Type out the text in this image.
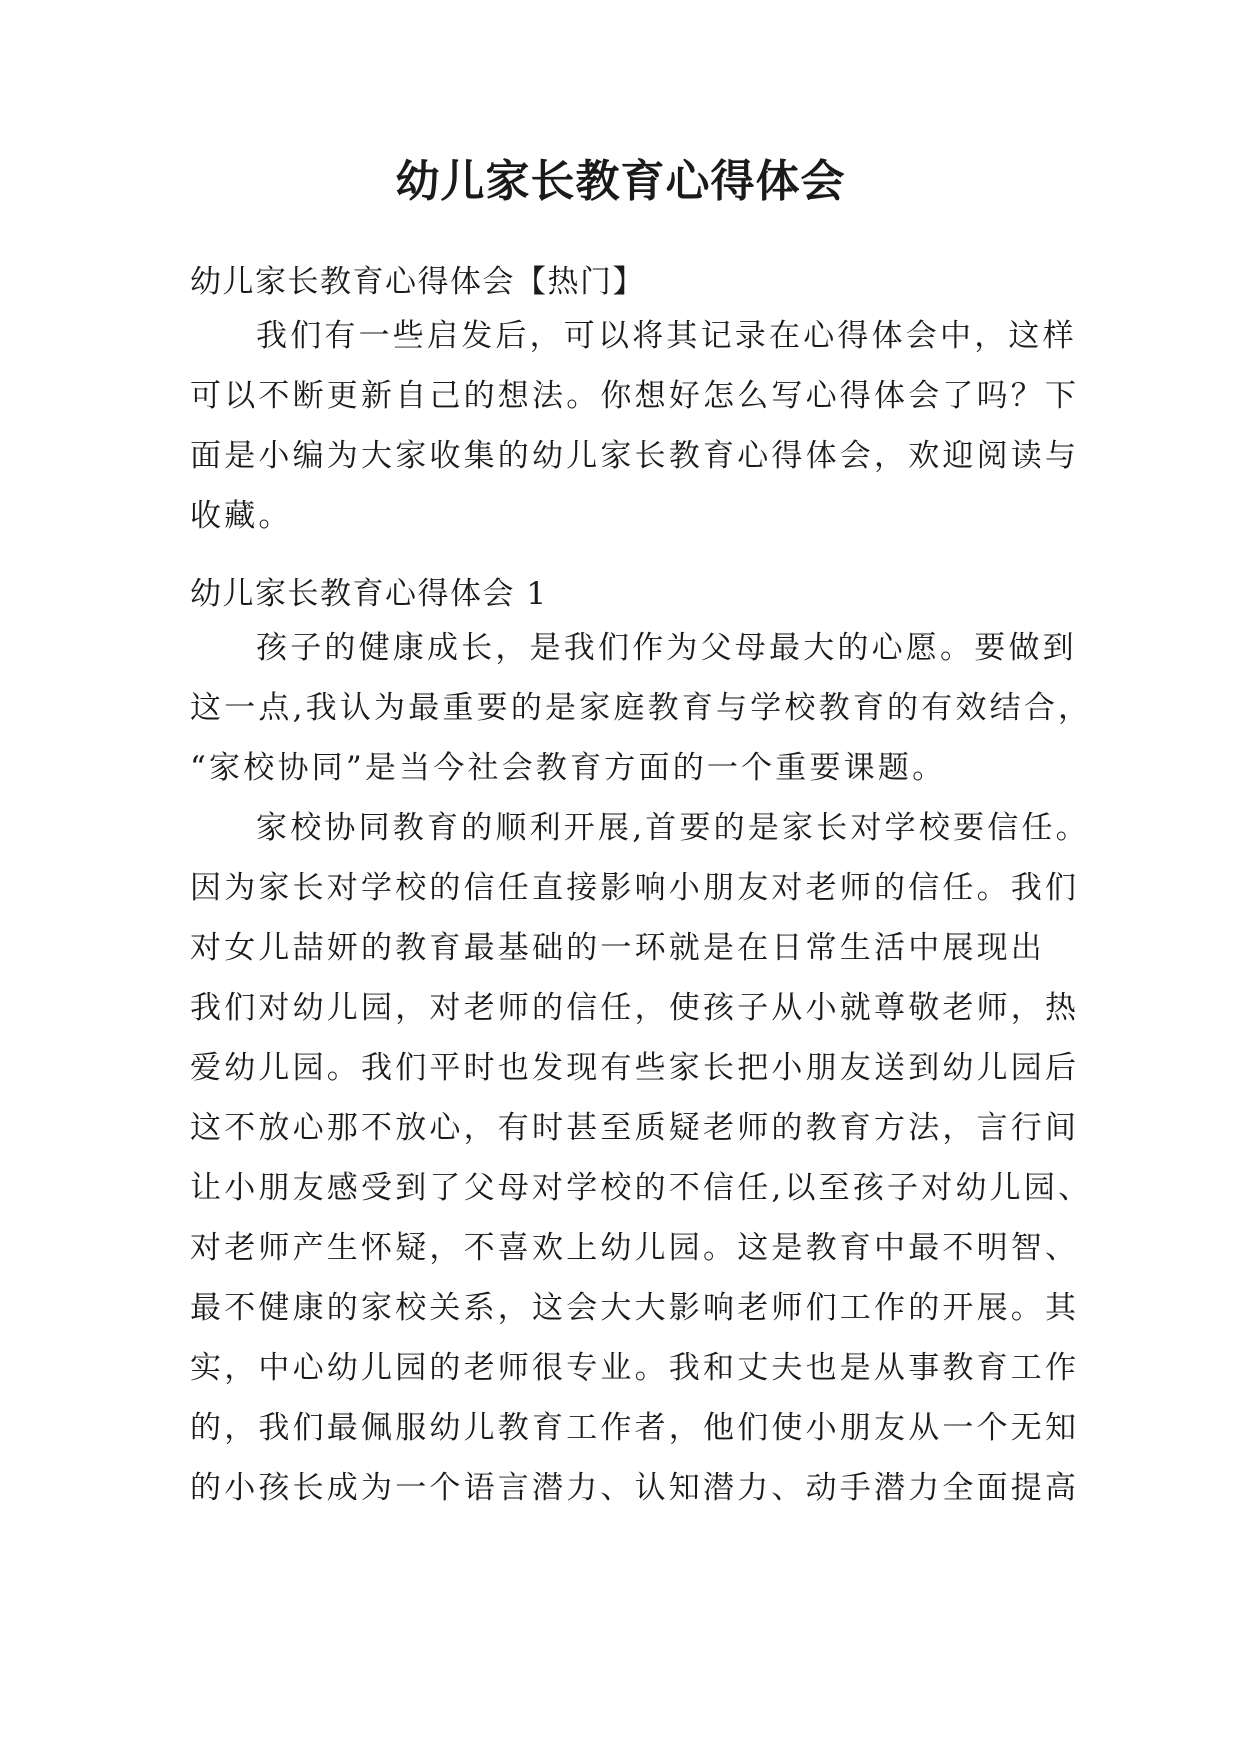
幼儿家长教育心得体会

幼儿家长教育心得体会【热门】

我们有一些启发后，可以将其记录在心得体会中，这样
可以不断更新自己的想法。你想好怎么写心得体会了吗？下
面是小编为大家收集的幼儿家长教育心得体会，欢迎阅读与
收藏。

幼儿家长教育心得体会 1

孩子的健康成长，是我们作为父母最大的心愿。要做到
这一点,我认为最重要的是家庭教育与学校教育的有效结合，
“家校协同”是当今社会教育方面的一个重要课题。
家校协同教育的顺利开展,首要的是家长对学校要信任。
因为家长对学校的信任直接影响小朋友对老师的信任。我们
对女儿喆妍的教育最基础的一环就是在日常生活中展现出
我们对幼儿园，对老师的信任，使孩子从小就尊敬老师，热
爱幼儿园。我们平时也发现有些家长把小朋友送到幼儿园后
这不放心那不放心，有时甚至质疑老师的教育方法，言行间
让小朋友感受到了父母对学校的不信任,以至孩子对幼儿园、
对老师产生怀疑，不喜欢上幼儿园。这是教育中最不明智、
最不健康的家校关系，这会大大影响老师们工作的开展。其
实，中心幼儿园的老师很专业。我和丈夫也是从事教育工作
的，我们最佩服幼儿教育工作者，他们使小朋友从一个无知
的小孩长成为一个语言潜力、认知潜力、动手潜力全面提高
